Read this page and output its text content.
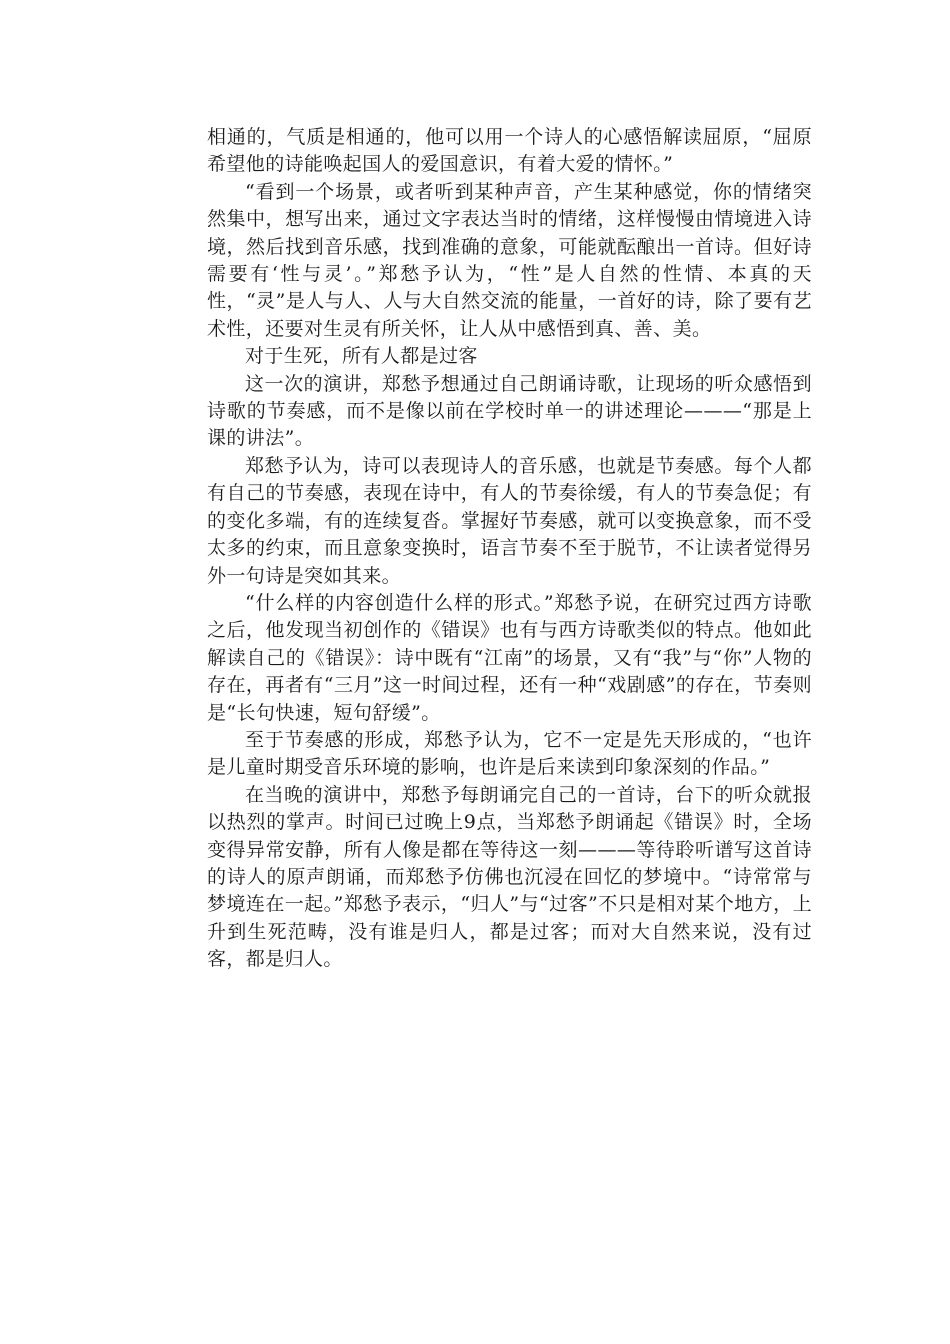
相通的，气质是相通的，他可以用一个诗人的心感悟解读屈原，“屈原希望他的诗能唤起国人的爱国意识，有着大爱的情怀。”

“看到一个场景，或者听到某种声音，产生某种感觉，你的情绪突然集中，想写出来，通过文字表达当时的情绪，这样慢慢由情境进入诗境，然后找到音乐感，找到准确的意象，可能就酝酿出一首诗。但好诗需要有‘性与灵’。”郑愁予认为，“性”是人自然的性情、本真的天性，“灵”是人与人、人与大自然交流的能量，一首好的诗，除了要有艺术性，还要对生灵有所关怀，让人从中感悟到真、善、美。

对于生死，所有人都是过客

这一次的演讲，郑愁予想通过自己朗诵诗歌，让现场的听众感悟到诗歌的节奏感，而不是像以前在学校时单一的讲述理论———“那是上课的讲法”。

郑愁予认为，诗可以表现诗人的音乐感，也就是节奏感。每个人都有自己的节奏感，表现在诗中，有人的节奏徐缓，有人的节奏急促；有的变化多端，有的连续复沓。掌握好节奏感，就可以变换意象，而不受太多的约束，而且意象变换时，语言节奏不至于脱节，不让读者觉得另外一句诗是突如其来。

“什么样的内容创造什么样的形式。”郑愁予说，在研究过西方诗歌之后，他发现当初创作的《错误》也有与西方诗歌类似的特点。他如此解读自己的《错误》：诗中既有“江南”的场景，又有“我”与“你”人物的存在，再者有“三月”这一时间过程，还有一种“戏剧感”的存在，节奏则是“长句快速，短句舒缓”。

至于节奏感的形成，郑愁予认为，它不一定是先天形成的，“也许是儿童时期受音乐环境的影响，也许是后来读到印象深刻的作品。”

在当晚的演讲中，郑愁予每朗诵完自己的一首诗，台下的听众就报以热烈的掌声。时间已过晚上9点，当郑愁予朗诵起《错误》时，全场变得异常安静，所有人像是都在等待这一刻———等待聆听谱写这首诗的诗人的原声朗诵，而郑愁予仿佛也沉浸在回忆的梦境中。“诗常常与梦境连在一起。”郑愁予表示，“归人”与“过客”不只是相对某个地方，上升到生死范畴，没有谁是归人，都是过客；而对大自然来说，没有过客，都是归人。
